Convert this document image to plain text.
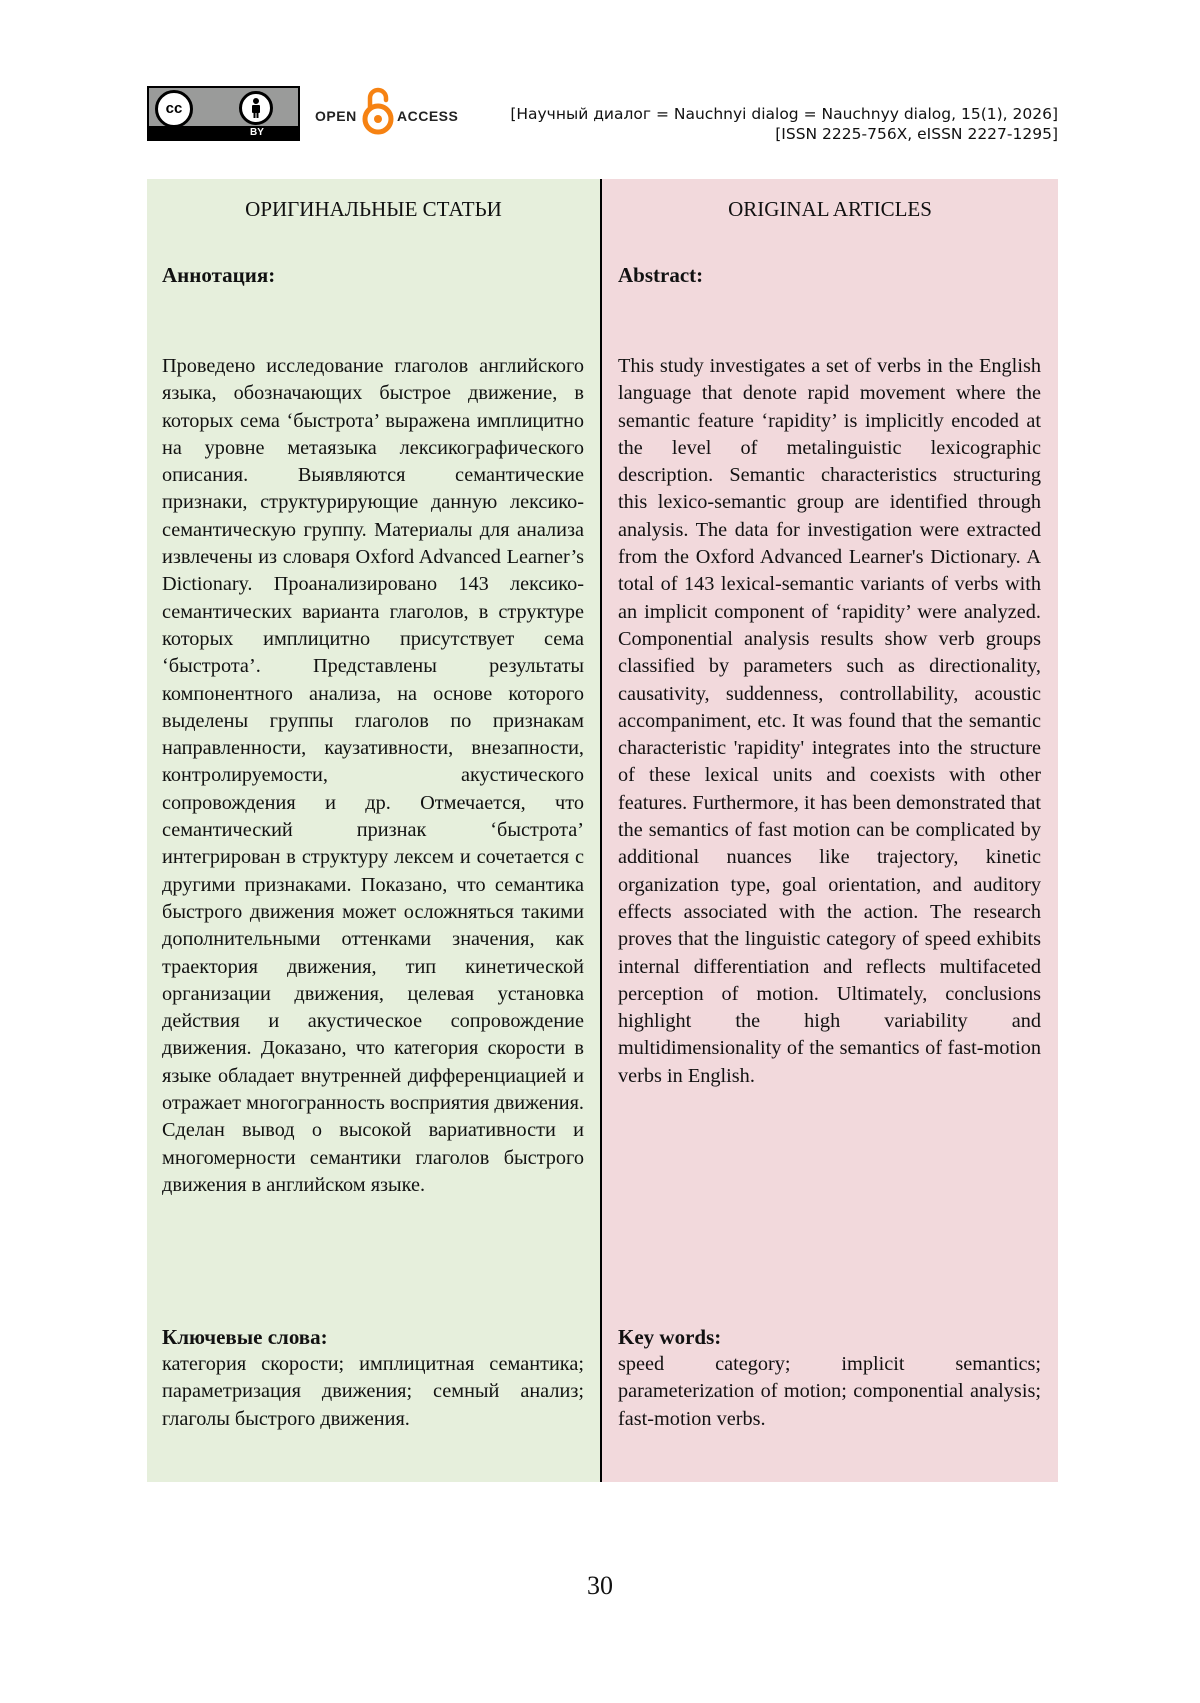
cc
BY
OPEN	ACCESS	[Научный диалог = Nauchnyi dialog = Nauchnyy dialog, 15(1), 2026]
[ISSN 2225-756X, eISSN 2227-1295]
ОРИГИНАЛЬНЫЕ СТАТЬИ
Аннотация:

Проведено исследование глаголов английского языка, обозначающих быстрое движение, в которых сема ‘быстрота’ выражена имплицитно на уровне метаязыка лексикографического описания. Выявляются семантические признаки, структурирующие данную лексико-семантическую группу. Материалы для анализа извлечены из словаря Oxford Advanced Learner’s Dictionary. Проанализировано 143 лексико-семантических варианта глаголов, в структуре которых имплицитно присутствует сема ‘быстрота’. Представлены результаты компонентного анализа, на основе которого выделены группы глаголов по признакам направленности, каузативности, внезапности, контролируемости, акустического сопровождения и др. Отмечается, что семантический признак ‘быстрота’ интегрирован в структуру лексем и сочетается с другими признаками. Показано, что семантика быстрого движения может осложняться такими дополнительными оттенками значения, как траектория движения, тип кинетической организации движения, целевая установка действия и акустическое сопровождение движения. Доказано, что категория скорости в языке обладает внутренней дифференциацией и отражает многогранность восприятия движения. Сделан вывод о высокой вариативности и многомерности семантики глаголов быстрого движения в английском языке.

Ключевые слова:

категория скорости; имплицитная семантика; параметризация движения; семный анализ; глаголы быстрого движения.

ORIGINAL ARTICLES
Abstract:

This study investigates a set of verbs in the English language that denote rapid movement where the semantic feature ‘rapidity’ is implicitly encoded at the level of metalinguistic lexicographic description. Semantic characteristics structuring this lexico-semantic group are identified through analysis. The data for investigation were extracted from the Oxford Advanced Learner's Dictionary. A total of 143 lexical-semantic variants of verbs with an implicit component of ‘rapidity’ were analyzed. Componential analysis results show verb groups classified by parameters such as directionality, causativity, suddenness, controllability, acoustic accompaniment, etc. It was found that the semantic characteristic 'rapidity' integrates into the structure of these lexical units and coexists with other features. Furthermore, it has been demonstrated that the semantics of fast motion can be complicated by additional nuances like trajectory, kinetic organization type, goal orientation, and auditory effects associated with the action. The research proves that the linguistic category of speed exhibits internal differentiation and reflects multifaceted perception of motion. Ultimately, conclusions highlight the high variability and multidimensionality of the semantics of fast-motion verbs in English.

Key words:

speed category; implicit semantics; parameterization of motion; componential analysis; fast-motion verbs.

30
